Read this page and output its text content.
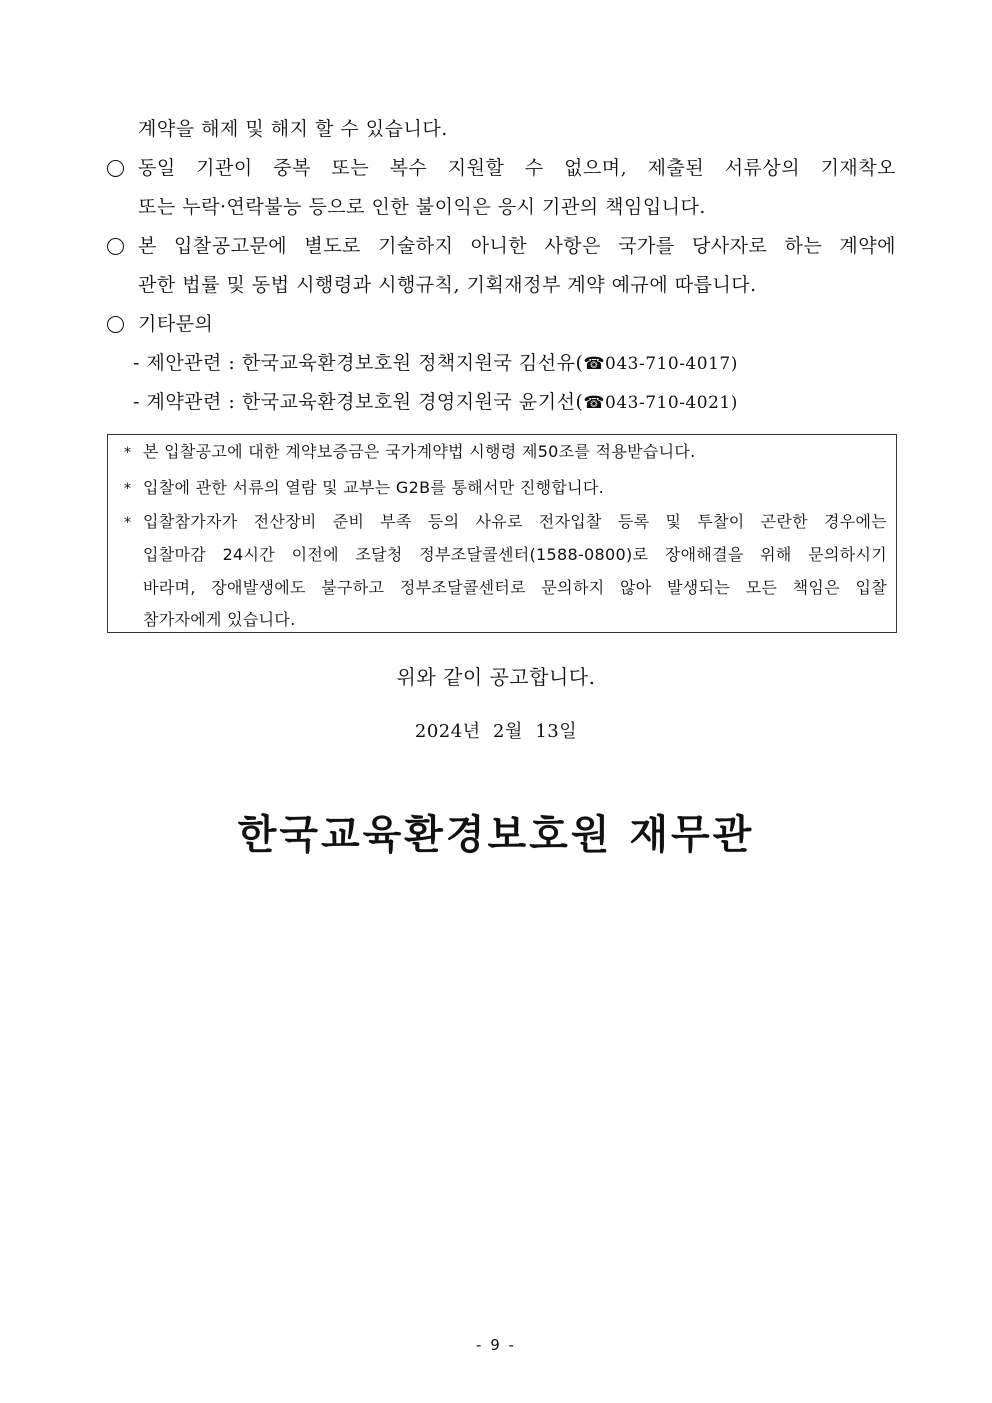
계약을 해제 및 해지 할 수 있습니다.
동일 기관이 중복 또는 복수 지원할 수 없으며, 제출된 서류상의 기재착오
또는 누락·연락불능 등으로 인한 불이익은 응시 기관의 책임입니다.
본 입찰공고문에 별도로 기술하지 아니한 사항은 국가를 당사자로 하는 계약에
관한 법률 및 동법 시행령과 시행규칙, 기획재정부 계약 예규에 따릅니다.
기타문의
- 제안관련 : 한국교육환경보호원 정책지원국 김선유(☎043-710-4017)
- 계약관련 : 한국교육환경보호원 경영지원국 윤기선(☎043-710-4021)
* 본 입찰공고에 대한 계약보증금은 국가계약법 시행령 제50조를 적용받습니다.
* 입찰에 관한 서류의 열람 및 교부는 G2B를 통해서만 진행합니다.
* 입찰참가자가 전산장비 준비 부족 등의 사유로 전자입찰 등록 및 투찰이 곤란한 경우에는
입찰마감 24시간 이전에 조달청 정부조달콜센터(1588-0800)로 장애해결을 위해 문의하시기
바라며, 장애발생에도 불구하고 정부조달콜센터로 문의하지 않아 발생되는 모든 책임은 입찰
참가자에게 있습니다.
위와 같이 공고합니다.
2024년  2월  13일
한국교육환경보호원 재무관
- 9 -
